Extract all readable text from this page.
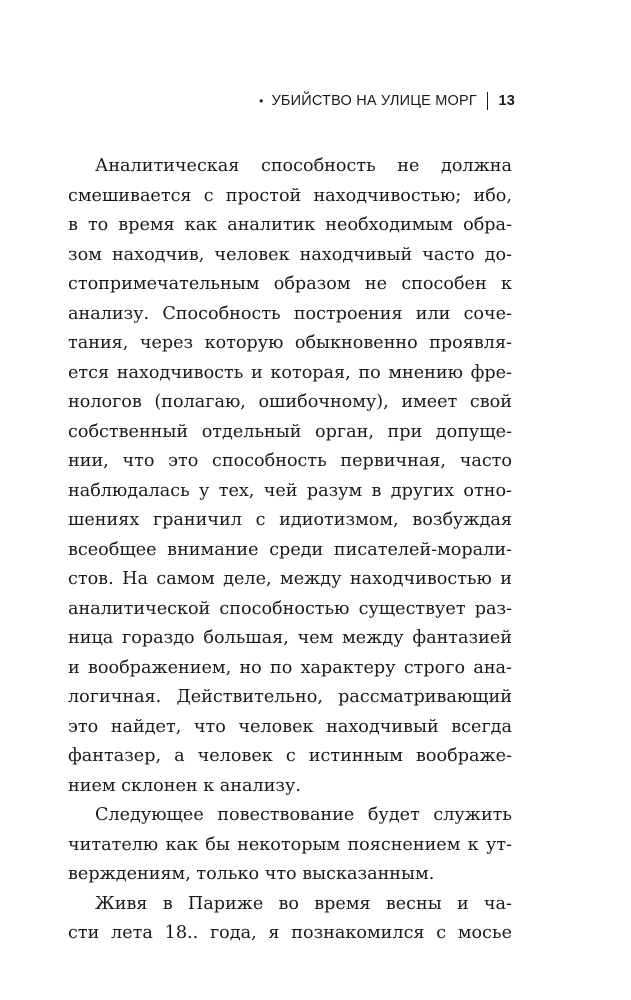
• УБИЙСТВО НА УЛИЦЕ МОРГ 13
Аналитическая способность не должна
смешивается с простой находчивостью; ибо,
в то время как аналитик необходимым обра-
зом находчив, человек находчивый часто до-
стопримечательным образом не способен к
анализу. Способность построения или соче-
тания, через которую обыкновенно проявля-
ется находчивость и которая, по мнению фре-
нологов (полагаю, ошибочному), имеет свой
собственный отдельный орган, при допуще-
нии, что это способность первичная, часто
наблюдалась у тех, чей разум в других отно-
шениях граничил с идиотизмом, возбуждая
всеобщее внимание среди писателей-морали-
стов. На самом деле, между находчивостью и
аналитической способностью существует раз-
ница гораздо большая, чем между фантазией
и воображением, но по характеру строго ана-
логичная. Действительно, рассматривающий
это найдет, что человек находчивый всегда
фантазер, а человек с истинным воображе-
нием склонен к анализу.
Следующее повествование будет служить
читателю как бы некоторым пояснением к ут-
верждениям, только что высказанным.
Живя в Париже во время весны и ча-
сти лета 18.. года, я познакомился с мосье
